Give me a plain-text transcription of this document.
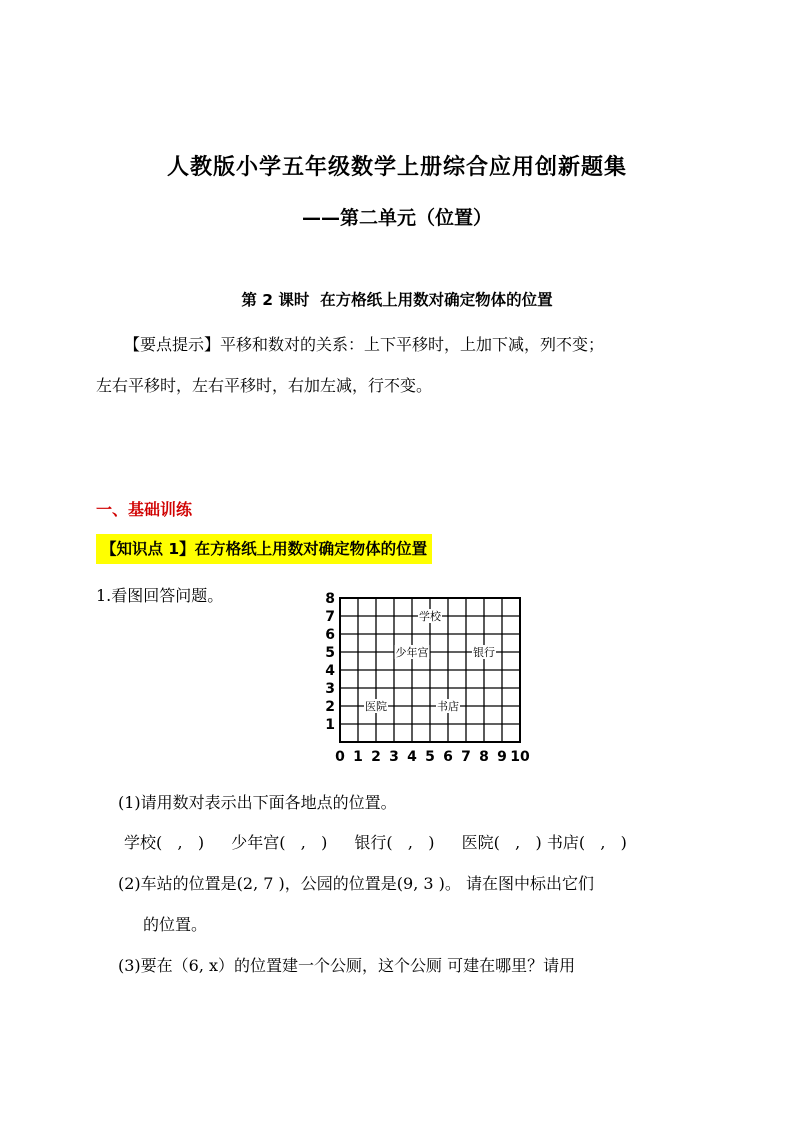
人教版小学五年级数学上册综合应用创新题集
——第二单元（位置）
第 2 课时  在方格纸上用数对确定物体的位置
【要点提示】平移和数对的关系：上下平移时，上加下减，列不变；
左右平移时，左右平移时，右加左减，行不变。
一、基础训练
【知识点 1】在方格纸上用数对确定物体的位置
1.看图回答问题。
0 1 2 3 4 5 6 7 8 9 10
1
2
3
4
5
6
7
8
学校
少年宫	银行
医院	书店
(1)请用数对表示出下面各地点的位置。
学校(   ,   ) 少年宫(   ,   ) 银行(   ,   ) 医院(   ,   ) 书店(   ,   )
(2)车站的位置是(2, 7 )，公园的位置是(9, 3 )。 请在图中标出它们
的位置。
(3)要在（6, x）的位置建一个公厕，这个公厕 可建在哪里？请用
